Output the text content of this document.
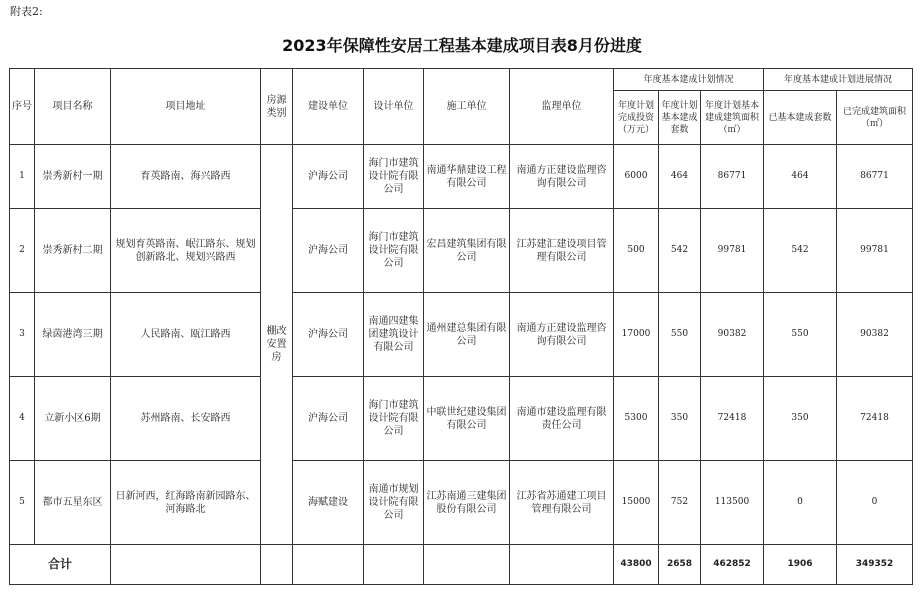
附表2:
2023年保障性安居工程基本建成项目表8月份进度
序号	项目名称	项目地址	房源类别	建设单位	设计单位	施工单位	监理单位	年度基本建成计划情况			年度基本建成计划进展情况	
								年度计划完成投资（万元）	年度计划基本建成套数	年度计划基本建成建筑面积（㎡）	已基本建成套数	已完成建筑面积（㎡）
1	崇秀新村一期	育英路南、海兴路西	棚改安置房	沪海公司	海门市建筑设计院有限公司	南通华鼎建设工程有限公司	南通方正建设监理咨询有限公司	6000	464	86771	464	86771
2	崇秀新村二期	规划育英路南、岷江路东、规划创新路北、规划兴路西		沪海公司	海门市建筑设计院有限公司	宏昌建筑集团有限公司	江苏建汇建设项目管理有限公司	500	542	99781	542	99781
3	绿茵港湾三期	人民路南、瓯江路西		沪海公司	南通四建集团建筑设计有限公司	通州建总集团有限公司	南通方正建设监理咨询有限公司	17000	550	90382	550	90382
4	立新小区6期	苏州路南、长安路西		沪海公司	海门市建筑设计院有限公司	中联世纪建设集团有限公司	南通市建设监理有限责任公司	5300	350	72418	350	72418
5	都市五星东区	日新河西，红海路南新园路东、河海路北		海赋建设	南通市规划设计院有限公司	江苏南通三建集团股份有限公司	江苏省苏通建工项目管理有限公司	15000	752	113500	0	0
合计								43800	2658	462852	1906	349352
